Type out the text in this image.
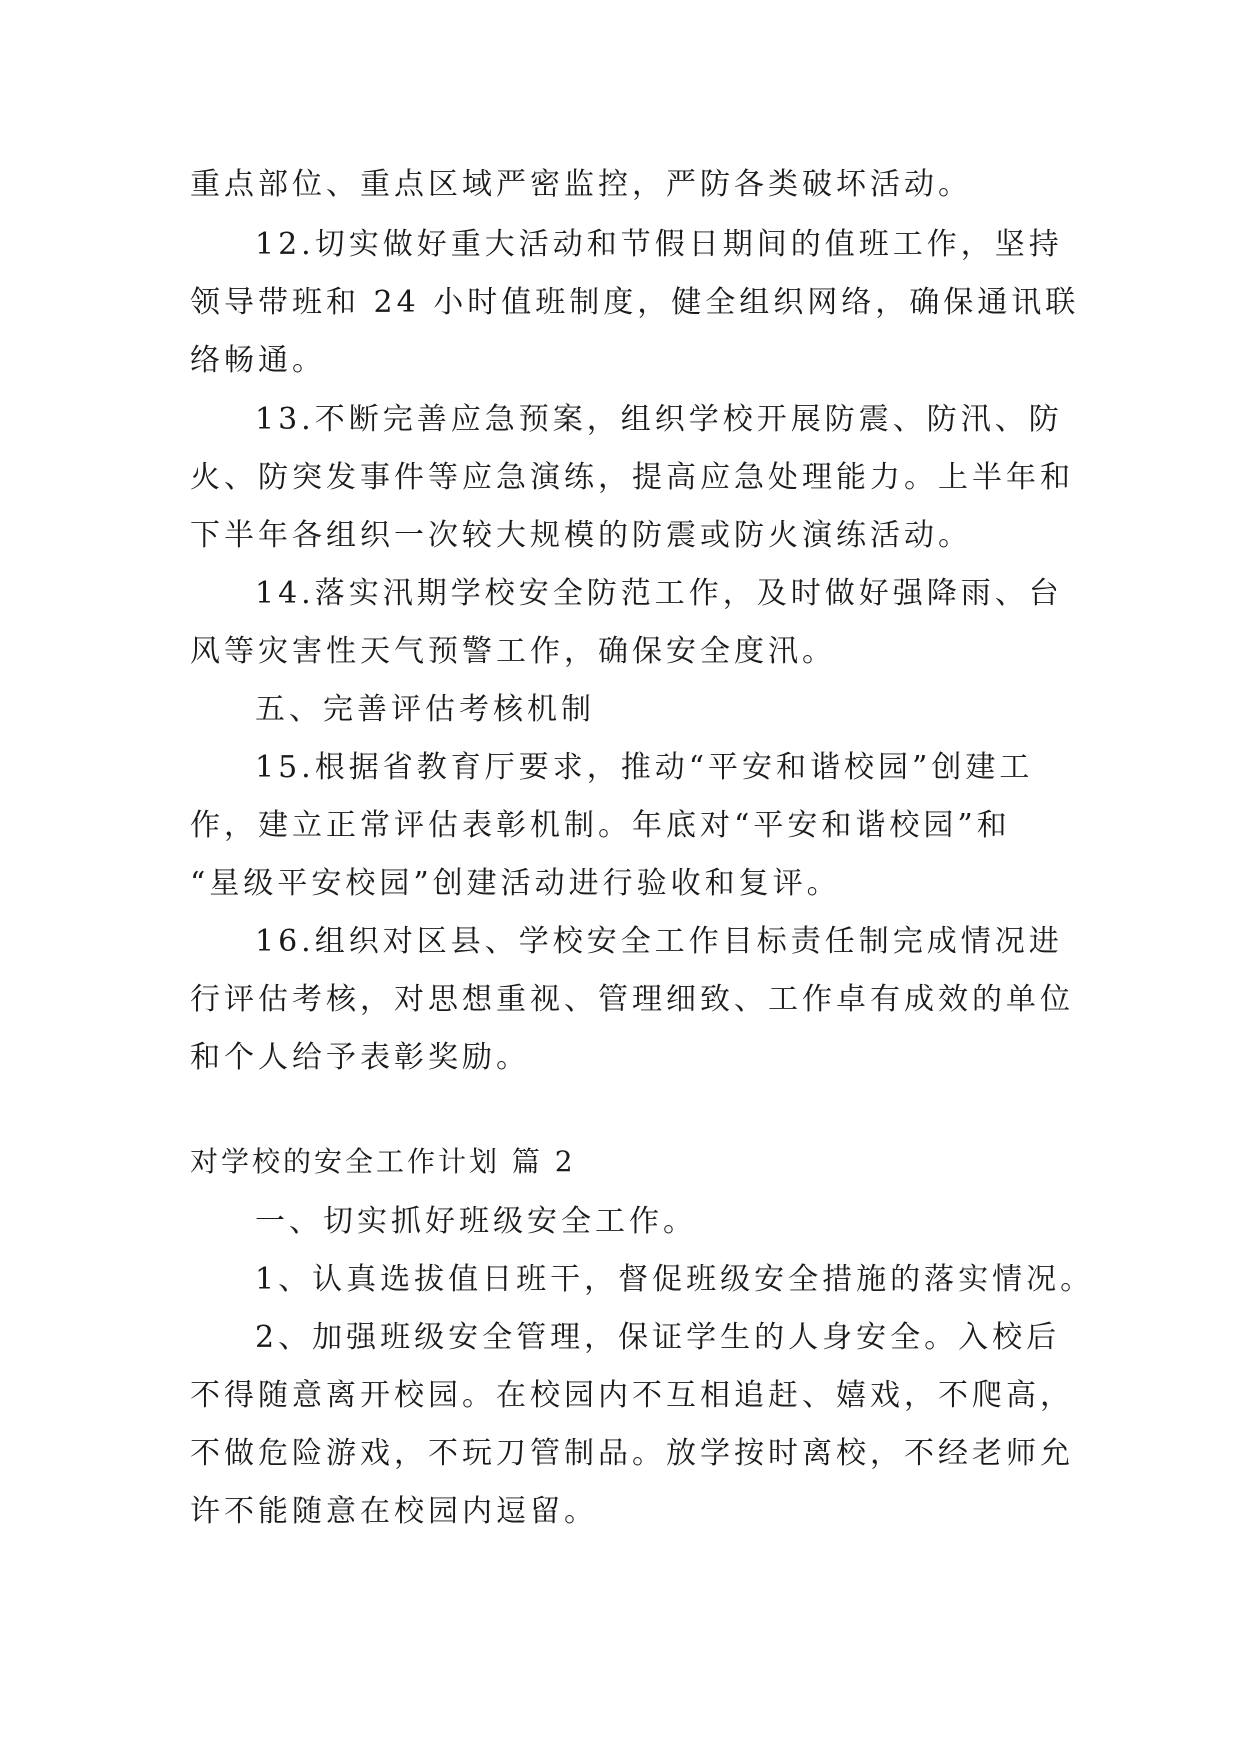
重点部位、重点区域严密监控，严防各类破坏活动。
12.切实做好重大活动和节假日期间的值班工作，坚持
领导带班和 24 小时值班制度，健全组织网络，确保通讯联
络畅通。
13.不断完善应急预案，组织学校开展防震、防汛、防
火、防突发事件等应急演练，提高应急处理能力。上半年和
下半年各组织一次较大规模的防震或防火演练活动。
14.落实汛期学校安全防范工作，及时做好强降雨、台
风等灾害性天气预警工作，确保安全度汛。
五、完善评估考核机制
15.根据省教育厅要求，推动“平安和谐校园”创建工
作，建立正常评估表彰机制。年底对“平安和谐校园”和
“星级平安校园”创建活动进行验收和复评。
16.组织对区县、学校安全工作目标责任制完成情况进
行评估考核，对思想重视、管理细致、工作卓有成效的单位
和个人给予表彰奖励。
对学校的安全工作计划 篇 2
一、切实抓好班级安全工作。
1、认真选拔值日班干，督促班级安全措施的落实情况。
2、加强班级安全管理，保证学生的人身安全。入校后
不得随意离开校园。在校园内不互相追赶、嬉戏，不爬高，
不做危险游戏，不玩刀管制品。放学按时离校，不经老师允
许不能随意在校园内逗留。
